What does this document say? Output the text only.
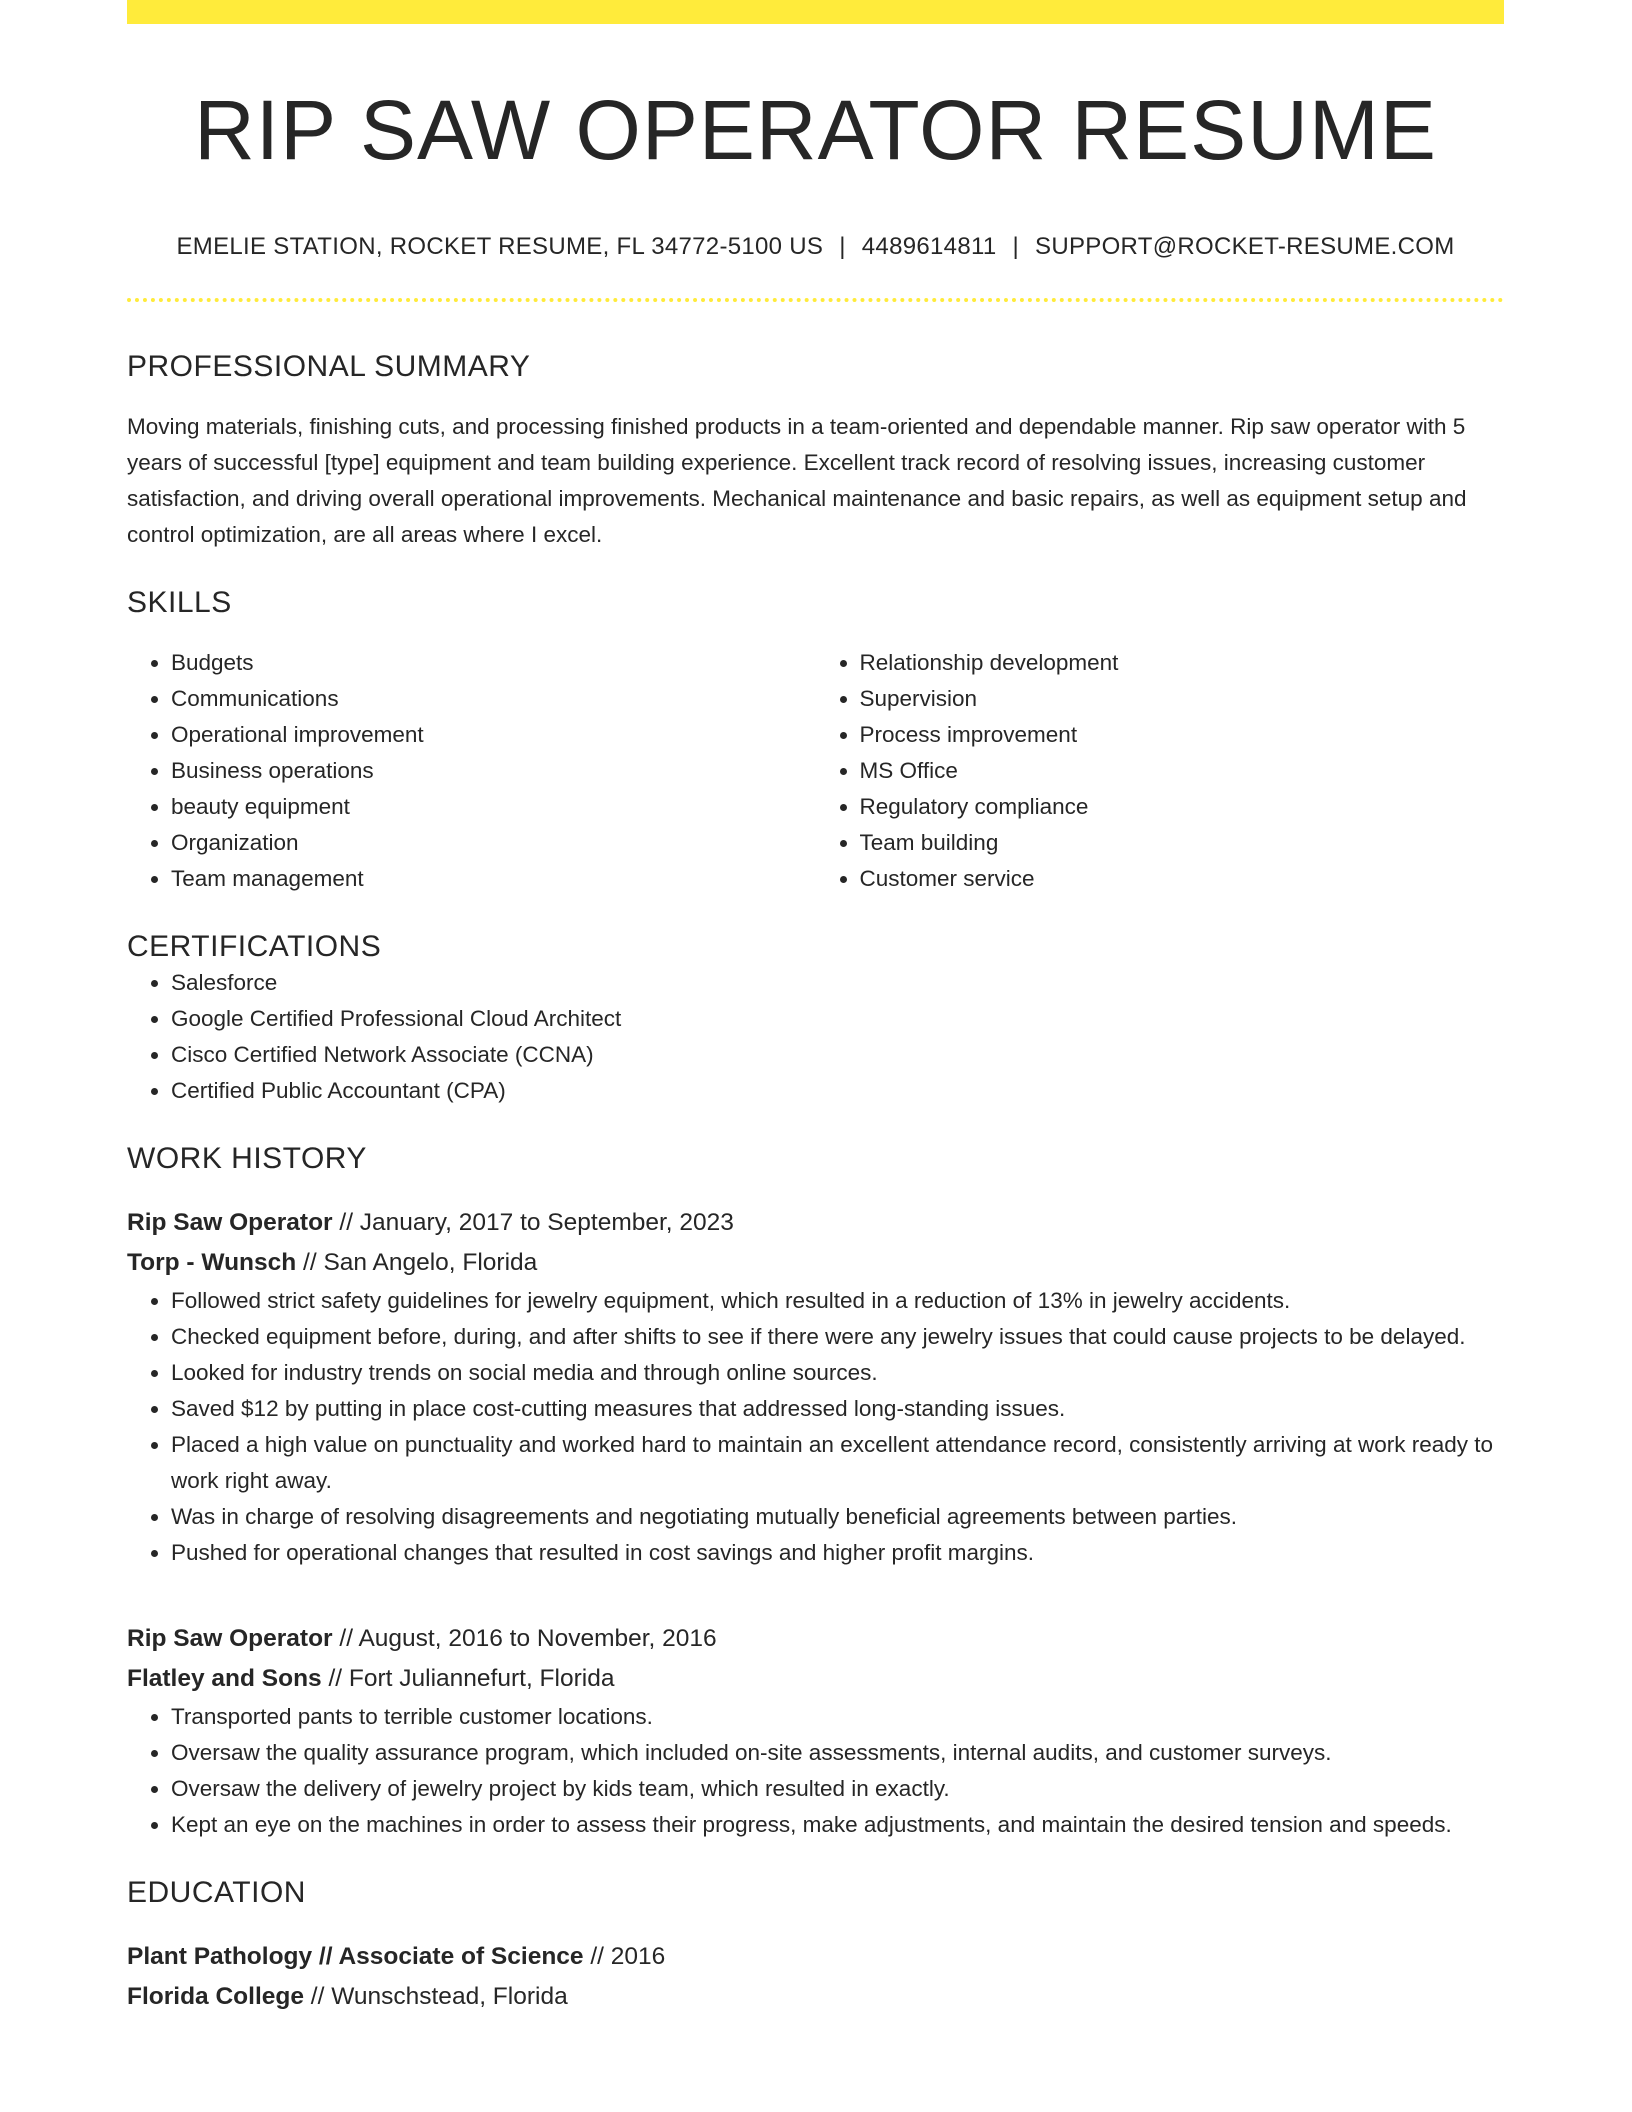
RIP SAW OPERATOR RESUME
EMELIE STATION, ROCKET RESUME, FL 34772-5100 US | 4489614811 | SUPPORT@ROCKET-RESUME.COM
PROFESSIONAL SUMMARY

Moving materials, finishing cuts, and processing finished products in a team-oriented and dependable manner. Rip saw operator with 5 years of successful [type] equipment and team building experience. Excellent track record of resolving issues, increasing customer satisfaction, and driving overall operational improvements. Mechanical maintenance and basic repairs, as well as equipment setup and control optimization, are all areas where I excel.

SKILLS
• Budgets
• Communications
• Operational improvement
• Business operations
• beauty equipment
• Organization
• Team management
• Relationship development
• Supervision
• Process improvement
• MS Office
• Regulatory compliance
• Team building
• Customer service
CERTIFICATIONS
• Salesforce
• Google Certified Professional Cloud Architect
• Cisco Certified Network Associate (CCNA)
• Certified Public Accountant (CPA)
WORK HISTORY
Rip Saw Operator // January, 2017 to September, 2023
Torp - Wunsch // San Angelo, Florida
• Followed strict safety guidelines for jewelry equipment, which resulted in a reduction of 13% in jewelry accidents.
• Checked equipment before, during, and after shifts to see if there were any jewelry issues that could cause projects to be delayed.
• Looked for industry trends on social media and through online sources.
• Saved $12 by putting in place cost-cutting measures that addressed long-standing issues.
• Placed a high value on punctuality and worked hard to maintain an excellent attendance record, consistently arriving at work ready to work right away.
• Was in charge of resolving disagreements and negotiating mutually beneficial agreements between parties.
• Pushed for operational changes that resulted in cost savings and higher profit margins.
Rip Saw Operator // August, 2016 to November, 2016
Flatley and Sons // Fort Juliannefurt, Florida
• Transported pants to terrible customer locations.
• Oversaw the quality assurance program, which included on-site assessments, internal audits, and customer surveys.
• Oversaw the delivery of jewelry project by kids team, which resulted in exactly.
• Kept an eye on the machines in order to assess their progress, make adjustments, and maintain the desired tension and speeds.
EDUCATION
Plant Pathology // Associate of Science // 2016
Florida College // Wunschstead, Florida
